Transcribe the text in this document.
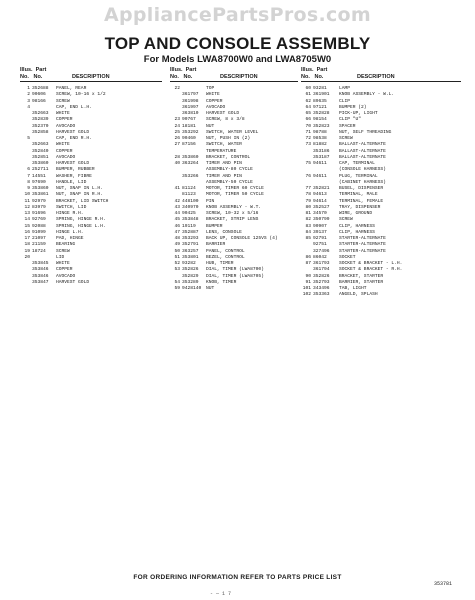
AppliancePartsPros.com
TOP AND CONSOLE ASSEMBLY
For Models LWA8700W0 and LWA8705W0
Illus. Part
No. No.	DESCRIPTION
1 352688 PANEL, REAR
2 90606 SCREW, 10-16 x 1/2
3 98166 SCREW
4	CAP, END L.H.
352663 WHITE
352839 COPPER
352370 AVOCADO
352858 HARVEST GOLD
5	CAP, END R.H.
352663 WHITE
352840 COPPER
352851 AVOCADO
353860 HARVEST GOLD
6 252711 BUMPER, RUBBER
7 14551 WASHER, FIBRE
8 97690 HANDLE, LID
9 353860 NUT, SNAP IN L.H.
10 353861 NUT, SNAP IN R.H.
11 92979 BRACKET, LID SWITCH
12 83979 SWITCH, LID
13 91696 HINGE R.H.
14 92769 SPRING, HINGE R.H.
15 92088 SPRING, HINGE L.H.
16 91099 HINGE L.H.
17 21097 PAD, HINGE
18 21159 BEARING
19 18724 SCREW
20	LID
353845 WHITE
353846 COPPER
353846 AVOCADO
353847 HARVEST GOLD
Illus. Part
No. No.	DESCRIPTION
22	TOP
361797 WHITE
361998 COPPER
361997 AVOCADO
363810 HARVEST GOLD
23 90767 SCREW, 8 x 3/8
24 18181 NUT
25 353292 SWITCH, WATER LEVEL
26 90460 NUT, PUSH IN (2)
27 87156 SWITCH, WATER
TEMPERATURE
28 353860 BRACKET, CONTROL
40 363264 TIMER AND PIN
ASSEMBLY-80 CYCLE
353266 TIMER AND PIN
ASSEMBLY-50 CYCLE
41 81124 MOTOR, TIMER 60 CYCLE
81123 MOTOR, TIMER 50 CYCLE
42 448100 PIN
43 340970 KNOB ASSEMBLY - W.T.
44 90425 SCREW, 10-32 x 5/16
45 353848 BRACKET, STRIP LENS
46 19119 BUMPER
47 352887 LENS, CONSOLE
48 353293 BACK UP, CONSOLE 125VS (4)
49 352791 BARRIER
50 363257 PANEL, CONTROL
51 353801 BEZEL, CONTROL
52 93282 HUB, TIMER
53 352826 DIAL, TIMER (LWA8700)
352829 DIAL, TIMER (LWA8705)
54 353289 KNOB, TIMER
59 9428140 NUT
Illus. Part
No. No.	DESCRIPTION
60 93281	LAMP
61 361901 KNOB ASSEMBLY - W.L.
62 89635	CLIP
64 97121	BUMPER (2)
65 352828 PICK-UP, LIGHT
66 98154	CLIP "U"
70 352823 SPACER
71 98788	NUT, SELF THREADING
72 98538	SCREW
73 81882	BALLAST-ALTERNATE
353186 BALLAST-ALTERNATE
353187 BALLAST-ALTERNATE
75 94611	CAP, TERMINAL
(CONSOLE HARNESS)
76 94611	PLUG, TERMINAL
(CABINET HARNESS)
77 352821 BUSEL, DISPENSER
78 94613	TERMINAL, MALE
79 94614	TERMINAL, FEMALE
80 352527 TRAY, DISPENSER
81 34570	WIRE, GROUND
82 350799 SCREW
83 90907	CLIP, HARNESS
84 39137	CLIP, HARNESS
85 92791	STARTER-ALTERNATE
92751	STARTER-ALTERNATE
327496 STARTER-ALTERNATE
86 86042	SOCKET
87 361793 SOCKET & BRACKET - L.H.
361794 SOCKET & BRACKET - R.H.
90 352826 BRACKET, STARTER
91 352793 BARRIER, STARTER
101 343496 TAB, LIGHT
102 353363 ANGELD, SPLASH
FOR ORDERING INFORMATION REFER TO PARTS PRICE LIST
353781
- — 1 7
